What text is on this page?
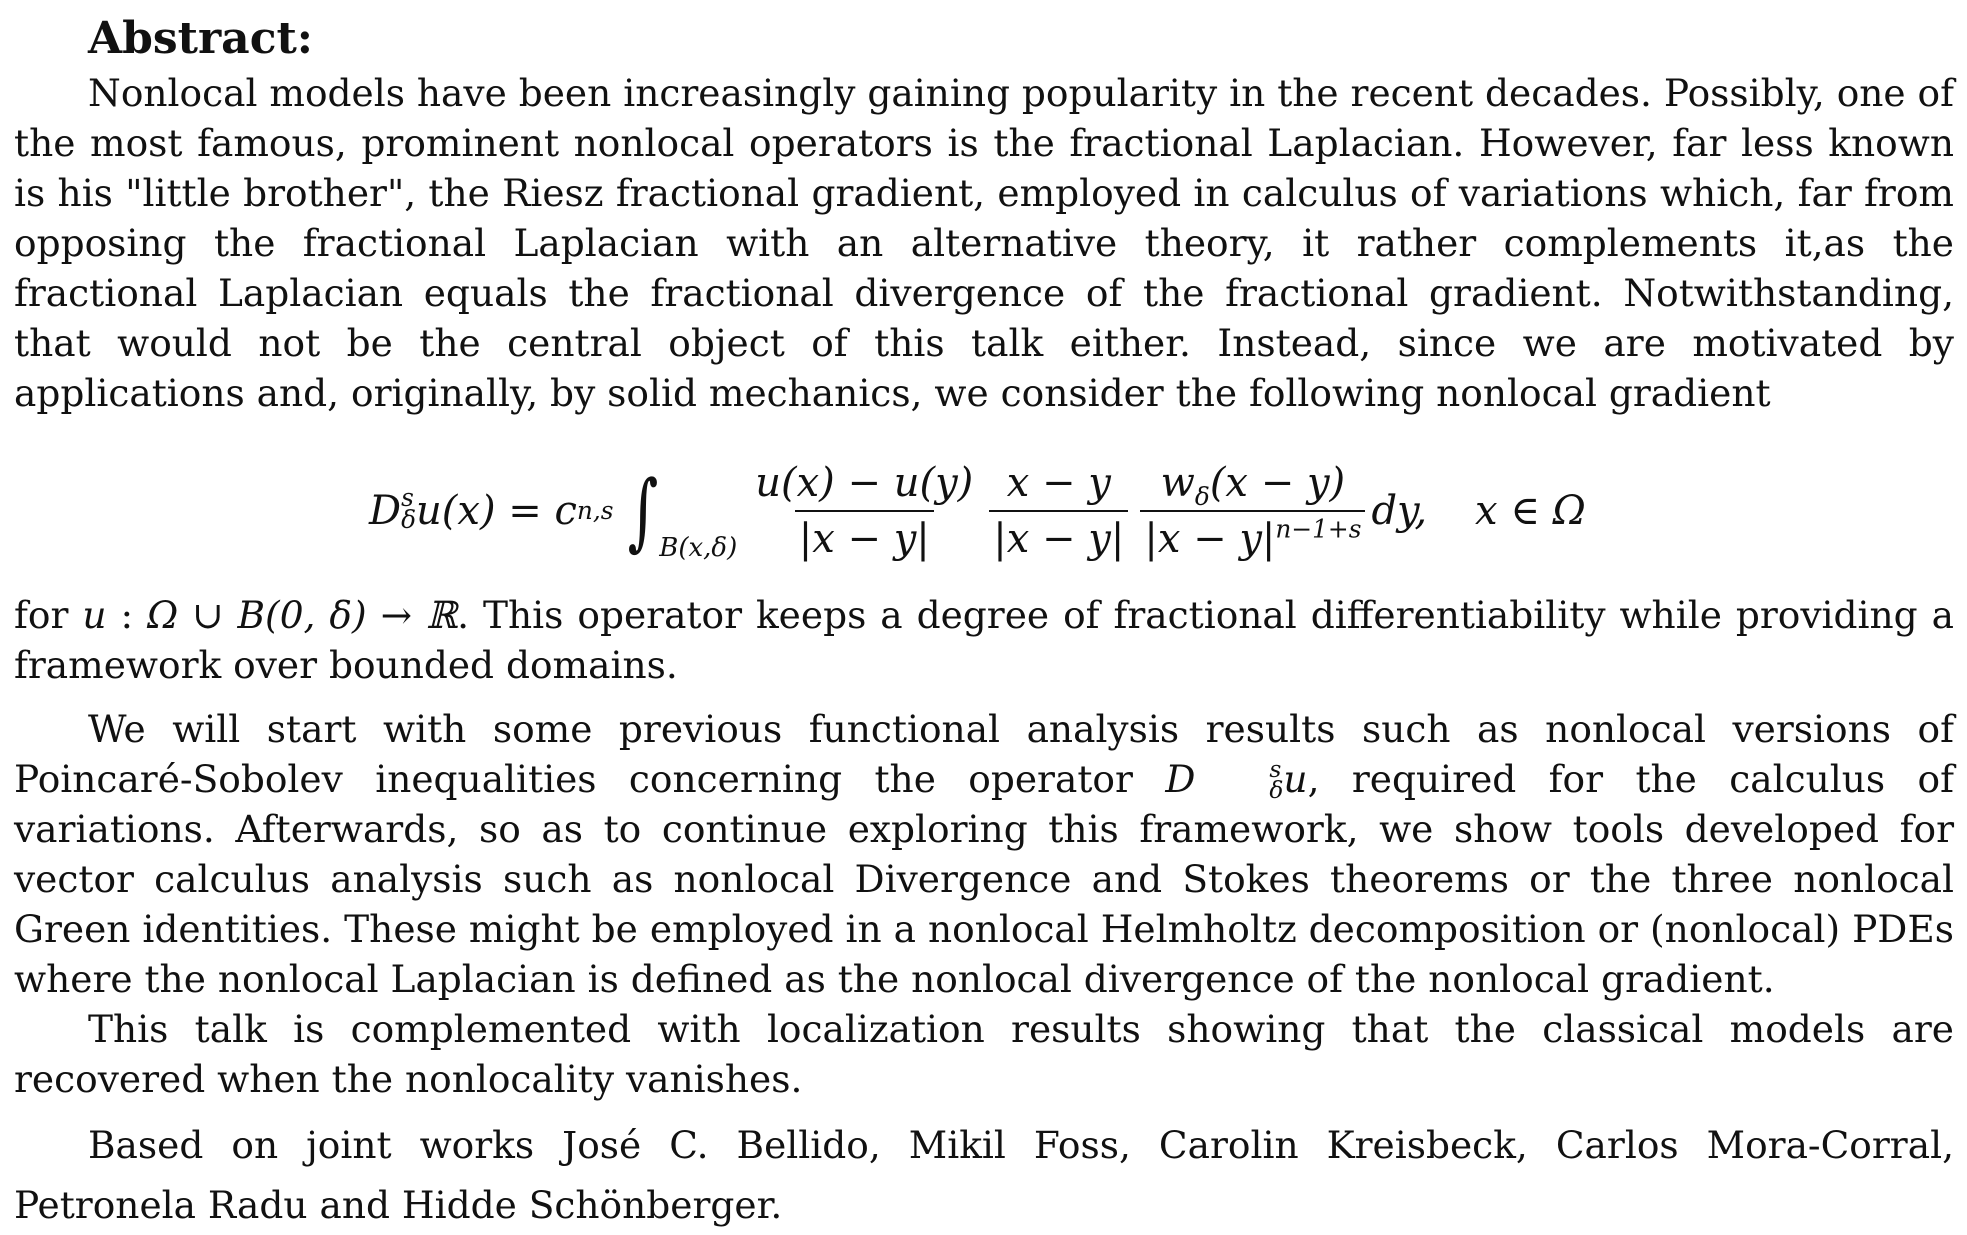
Abstract:

Nonlocal models have been increasingly gaining popularity in the recent decades. Possibly, one of the most famous, prominent nonlocal operators is the fractional Laplacian. However, far less known is his "little brother", the Riesz fractional gradient, employed in calculus of variations which, far from opposing the fractional Laplacian with an alternative theory, it rather complements it,as the fractional Laplacian equals the fractional divergence of the fractional gradient. Notwithstanding, that would not be the central object of this talk either. Instead, since we are motivated by applications and, originally, by solid mechanics, we consider the following nonlocal gradient

D s
δ u(x)
=
c n,s ∫ $B(x,\delta) \frac{u(x) - u(y)}{|x - y|} \frac{x - y}{|x - y|} \frac{w_\delta(x - y)}{|x - y|^{n-1+s}}$ dy, x ∈ Ω

for u : Ω ∪ B(0, δ) → ℝ. This operator keeps a degree of fractional differentiability while providing a framework over bounded domains.

We will start with some previous functional analysis results such as nonlocal versions of Poincaré-Sobolev inequalities concerning the operator D	s
δ u, required for the calculus of variations. Afterwards, so as to continue exploring this framework, we show tools developed for vector calculus analysis such as nonlocal Divergence and Stokes theorems or the three nonlocal Green identities. These might be employed in a nonlocal Helmholtz decomposition or (nonlocal) PDEs where the nonlocal Laplacian is defined as the nonlocal divergence of the nonlocal gradient.

This talk is complemented with localization results showing that the classical models are recovered when the nonlocality vanishes.

Based on joint works José C. Bellido, Mikil Foss, Carolin Kreisbeck, Carlos Mora-Corral, Petronela Radu and Hidde Schönberger.
